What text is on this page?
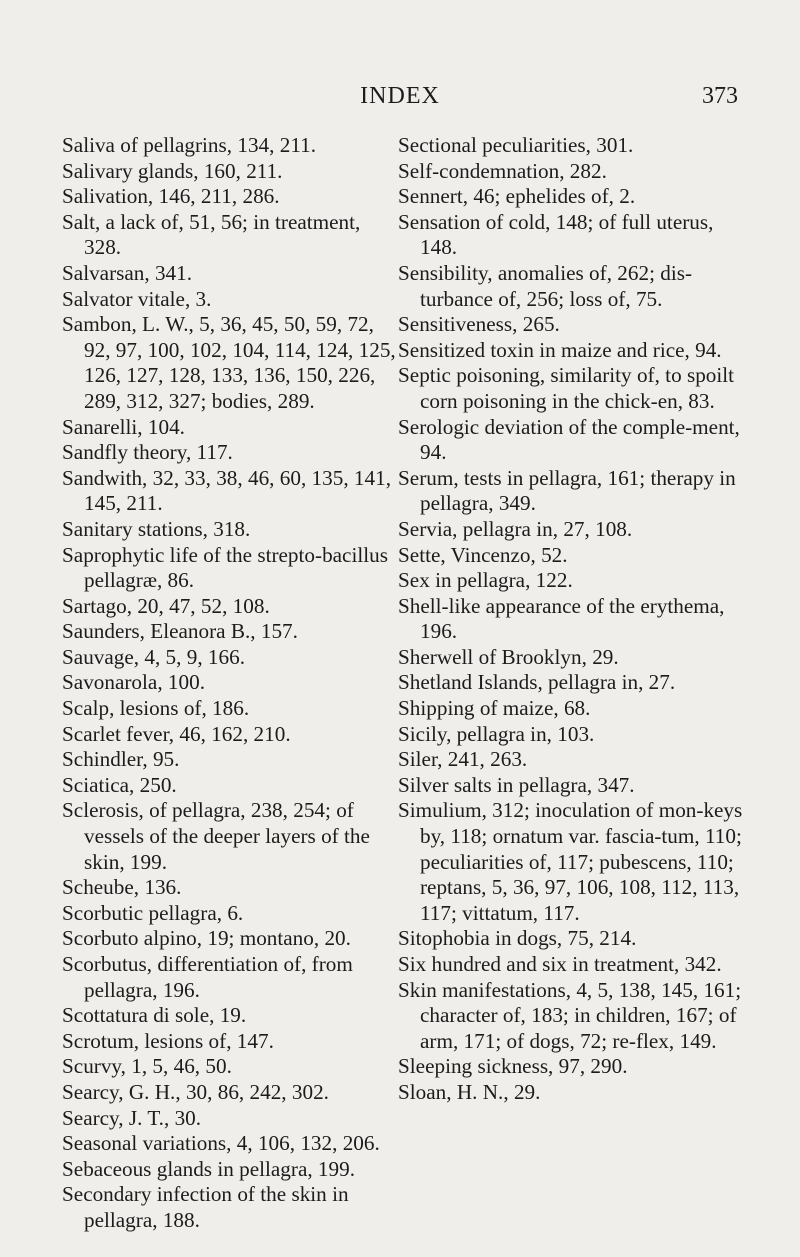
INDEX	373

Saliva of pellagrins, 134, 211.

Salivary glands, 160, 211.

Salivation, 146, 211, 286.

Salt, a lack of, 51, 56; in treatment, 328.

Salvarsan, 341.

Salvator vitale, 3.

Sambon, L. W., 5, 36, 45, 50, 59, 72, 92, 97, 100, 102, 104, 114, 124, 125, 126, 127, 128, 133, 136, 150, 226, 289, 312, 327; bodies, 289.

Sanarelli, 104.

Sandfly theory, 117.

Sandwith, 32, 33, 38, 46, 60, 135, 141, 145, 211.

Sanitary stations, 318.

Saprophytic life of the strepto-bacillus pellagræ, 86.

Sartago, 20, 47, 52, 108.

Saunders, Eleanora B., 157.

Sauvage, 4, 5, 9, 166.

Savonarola, 100.

Scalp, lesions of, 186.

Scarlet fever, 46, 162, 210.

Schindler, 95.

Sciatica, 250.

Sclerosis, of pellagra, 238, 254; of vessels of the deeper layers of the skin, 199.

Scheube, 136.

Scorbutic pellagra, 6.

Scorbuto alpino, 19; montano, 20.

Scorbutus, differentiation of, from pellagra, 196.

Scottatura di sole, 19.

Scrotum, lesions of, 147.

Scurvy, 1, 5, 46, 50.

Searcy, G. H., 30, 86, 242, 302.

Searcy, J. T., 30.

Seasonal variations, 4, 106, 132, 206.

Sebaceous glands in pellagra, 199.

Secondary infection of the skin in pellagra, 188.

Sectional peculiarities, 301.

Self-condemnation, 282.

Sennert, 46; ephelides of, 2.

Sensation of cold, 148; of full uterus, 148.

Sensibility, anomalies of, 262; dis-turbance of, 256; loss of, 75.

Sensitiveness, 265.

Sensitized toxin in maize and rice, 94.

Septic poisoning, similarity of, to spoilt corn poisoning in the chick-en, 83.

Serologic deviation of the comple-ment, 94.

Serum, tests in pellagra, 161; therapy in pellagra, 349.

Servia, pellagra in, 27, 108.

Sette, Vincenzo, 52.

Sex in pellagra, 122.

Shell-like appearance of the erythema, 196.

Sherwell of Brooklyn, 29.

Shetland Islands, pellagra in, 27.

Shipping of maize, 68.

Sicily, pellagra in, 103.

Siler, 241, 263.

Silver salts in pellagra, 347.

Simulium, 312; inoculation of mon-keys by, 118; ornatum var. fascia-tum, 110; peculiarities of, 117; pubescens, 110; reptans, 5, 36, 97, 106, 108, 112, 113, 117; vittatum, 117.

Sitophobia in dogs, 75, 214.

Six hundred and six in treatment, 342.

Skin manifestations, 4, 5, 138, 145, 161; character of, 183; in children, 167; of arm, 171; of dogs, 72; re-flex, 149.

Sleeping sickness, 97, 290.

Sloan, H. N., 29.
